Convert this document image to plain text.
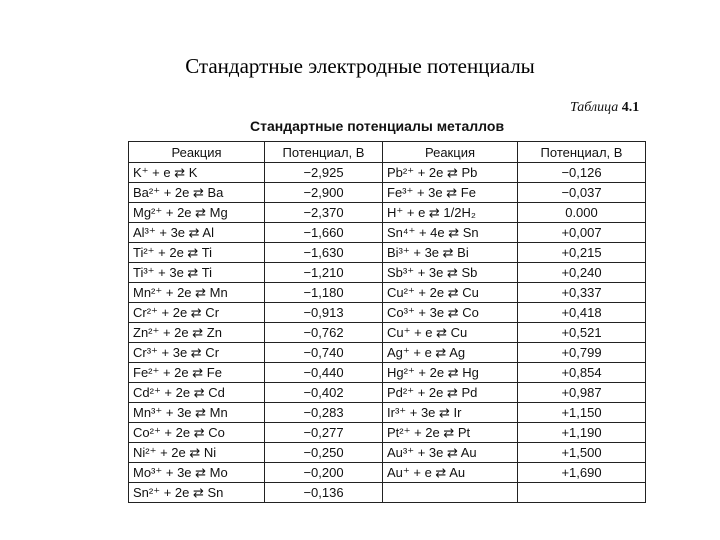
Стандартные электродные потенциалы
Таблица 4.1
Стандартные потенциалы металлов
Реакция	Потенциал, В	Реакция	Потенциал, В
K⁺ + e ⇄ K	−2,925	Pb²⁺ + 2e ⇄ Pb	−0,126
Ba²⁺ + 2e ⇄ Ba	−2,900	Fe³⁺ + 3e ⇄ Fe	−0,037
Mg²⁺ + 2e ⇄ Mg	−2,370	H⁺ + e ⇄ 1/2H₂	0.000
Al³⁺ + 3e ⇄ Al	−1,660	Sn⁴⁺ + 4e ⇄ Sn	+0,007
Ti²⁺ + 2e ⇄ Ti	−1,630	Bi³⁺ + 3e ⇄ Bi	+0,215
Ti³⁺ + 3e ⇄ Ti	−1,210	Sb³⁺ + 3e ⇄ Sb	+0,240
Mn²⁺ + 2e ⇄ Mn	−1,180	Cu²⁺ + 2e ⇄ Cu	+0,337
Cr²⁺ + 2e ⇄ Cr	−0,913	Co³⁺ + 3e ⇄ Co	+0,418
Zn²⁺ + 2e ⇄ Zn	−0,762	Cu⁺ + e ⇄ Cu	+0,521
Cr³⁺ + 3e ⇄ Cr	−0,740	Ag⁺ + e ⇄ Ag	+0,799
Fe²⁺ + 2e ⇄ Fe	−0,440	Hg²⁺ + 2e ⇄ Hg	+0,854
Cd²⁺ + 2e ⇄ Cd	−0,402	Pd²⁺ + 2e ⇄ Pd	+0,987
Mn³⁺ + 3e ⇄ Mn	−0,283	Ir³⁺ + 3e ⇄ Ir	+1,150
Co²⁺ + 2e ⇄ Co	−0,277	Pt²⁺ + 2e ⇄ Pt	+1,190
Ni²⁺ + 2e ⇄ Ni	−0,250	Au³⁺ + 3e ⇄ Au	+1,500
Mo³⁺ + 3e ⇄ Mo	−0,200	Au⁺ + e ⇄ Au	+1,690
Sn²⁺ + 2e ⇄ Sn	−0,136		
